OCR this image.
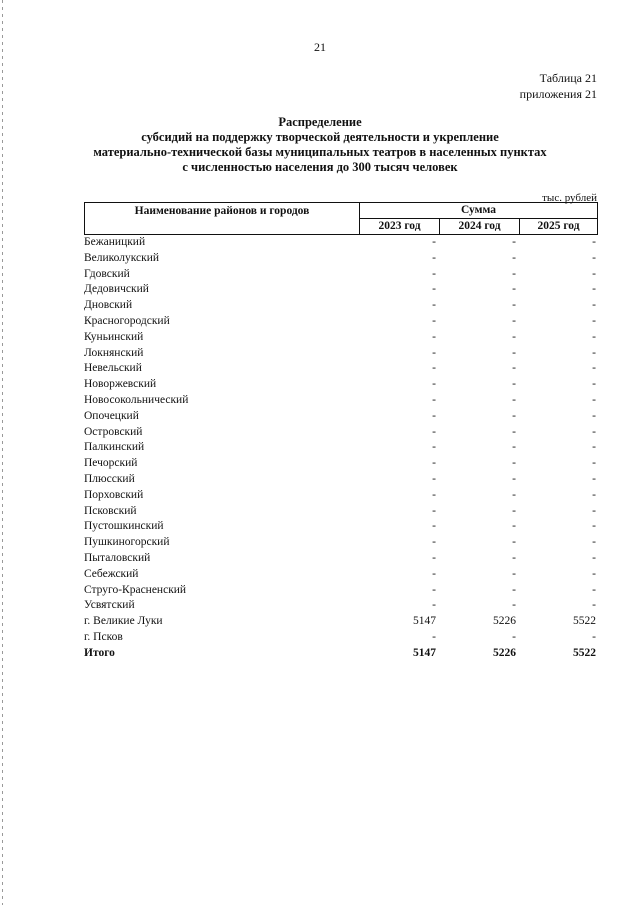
21
Таблица 21
приложения 21
Распределение
субсидий на поддержку творческой деятельности и укрепление
материально-технической базы муниципальных театров в населенных пунктах
с численностью населения до 300 тысяч человек
тыс. рублей
Наименование районов и городов	Сумма
2023 год	2024 год	2025 год
Бежаницкий	-	-	-
Великолукский	-	-	-
Гдовский	-	-	-
Дедовичский	-	-	-
Дновский	-	-	-
Красногородский	-	-	-
Куньинский	-	-	-
Локнянский	-	-	-
Невельский	-	-	-
Новоржевский	-	-	-
Новосокольнический	-	-	-
Опочецкий	-	-	-
Островский	-	-	-
Палкинский	-	-	-
Печорский	-	-	-
Плюсский	-	-	-
Порховский	-	-	-
Псковский	-	-	-
Пустошкинский	-	-	-
Пушкиногорский	-	-	-
Пыталовский	-	-	-
Себежский	-	-	-
Струго-Красненский	-	-	-
Усвятский	-	-	-
г. Великие Луки	5147	5226	5522
г. Псков	-	-	-
Итого	5147	5226	5522
